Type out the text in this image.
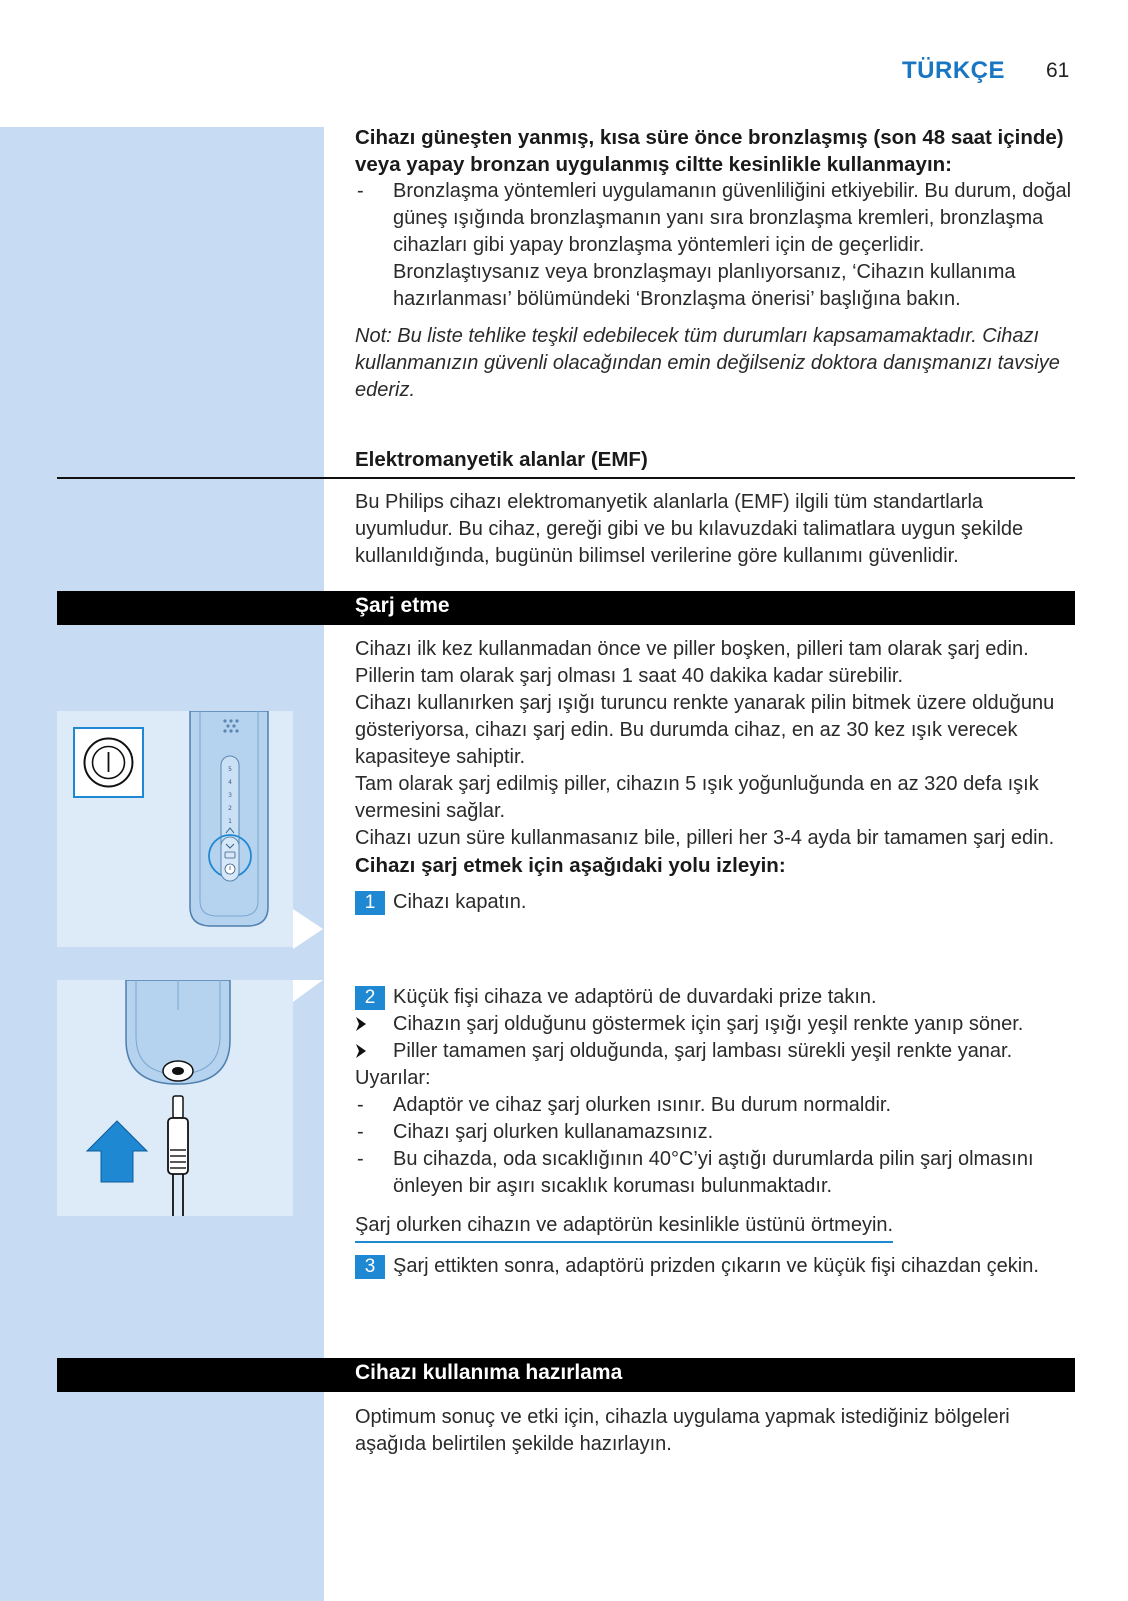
TÜRKÇE 61
Cihazı güneşten yanmış, kısa süre önce bronzlaşmış (son 48 saat içinde) veya yapay bronzan uygulanmış ciltte kesinlikle kullanmayın:
- Bronzlaşma yöntemleri uygulamanın güvenliliğini etkiyebilir. Bu durum, doğal güneş ışığında bronzlaşmanın yanı sıra bronzlaşma kremleri, bronzlaşma cihazları gibi yapay bronzlaşma yöntemleri için de geçerlidir. Bronzlaştıysanız veya bronzlaşmayı planlıyorsanız, ‘Cihazın kullanıma hazırlanması’ bölümündeki ‘Bronzlaşma önerisi’ başlığına bakın.
Not: Bu liste tehlike teşkil edebilecek tüm durumları kapsamamaktadır. Cihazı kullanmanızın güvenli olacağından emin değilseniz doktora danışmanızı tavsiye ederiz.
Elektromanyetik alanlar (EMF)
Bu Philips cihazı elektromanyetik alanlarla (EMF) ilgili tüm standartlarla uyumludur. Bu cihaz, gereği gibi ve bu kılavuzdaki talimatlara uygun şekilde kullanıldığında, bugünün bilimsel verilerine göre kullanımı güvenlidir.
Şarj etme
Cihazı ilk kez kullanmadan önce ve piller boşken, pilleri tam olarak şarj edin. Pillerin tam olarak şarj olması 1 saat 40 dakika kadar sürebilir.
Cihazı kullanırken şarj ışığı turuncu renkte yanarak pilin bitmek üzere olduğunu gösteriyorsa, cihazı şarj edin. Bu durumda cihaz, en az 30 kez ışık verecek kapasiteye sahiptir.
Tam olarak şarj edilmiş piller, cihazın 5 ışık yoğunluğunda en az 320 defa ışık vermesini sağlar.
Cihazı uzun süre kullanmasanız bile, pilleri her 3-4 ayda bir tamamen şarj edin.
Cihazı şarj etmek için aşağıdaki yolu izleyin:
1 Cihazı kapatın.
2 Küçük fişi cihaza ve adaptörü de duvardaki prize takın.
Cihazın şarj olduğunu göstermek için şarj ışığı yeşil renkte yanıp söner.
Piller tamamen şarj olduğunda, şarj lambası sürekli yeşil renkte yanar.
Uyarılar:
- Adaptör ve cihaz şarj olurken ısınır. Bu durum normaldir.
- Cihazı şarj olurken kullanamazsınız.
- Bu cihazda, oda sıcaklığının 40°C’yi aştığı durumlarda pilin şarj olmasını önleyen bir aşırı sıcaklık koruması bulunmaktadır.
Şarj olurken cihazın ve adaptörün kesinlikle üstünü örtmeyin.
3 Şarj ettikten sonra, adaptörü prizden çıkarın ve küçük fişi cihazdan çekin.
Cihazı kullanıma hazırlama
Optimum sonuç ve etki için, cihazla uygulama yapmak istediğiniz bölgeleri aşağıda belirtilen şekilde hazırlayın.
5
4
3
2
1
